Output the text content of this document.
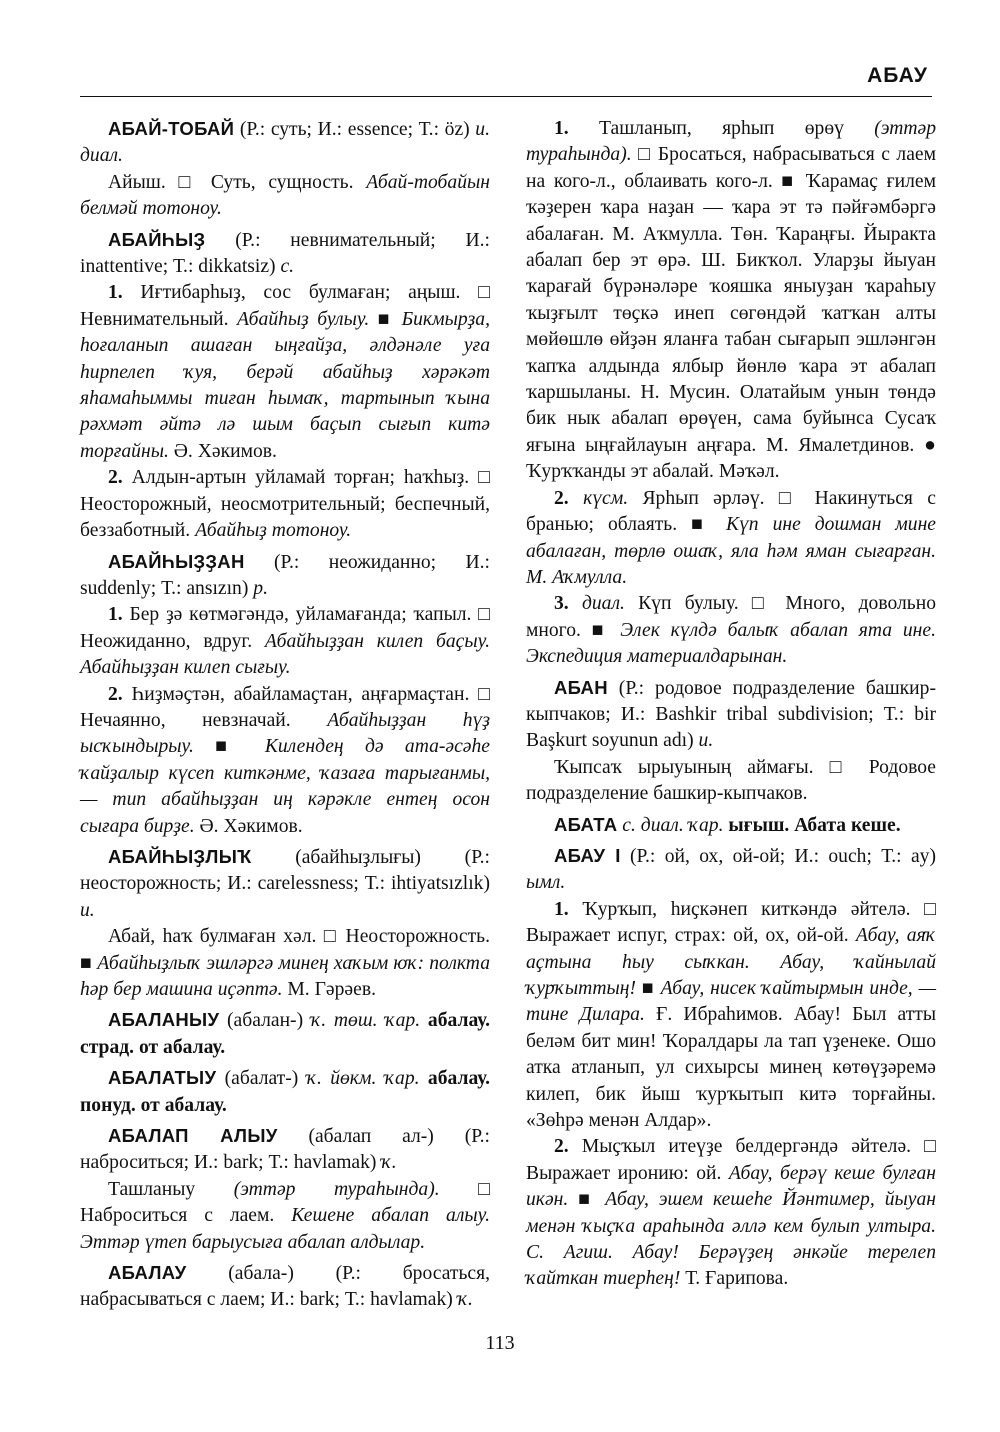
АБАУ

АБАЙ-ТОБАЙ (Р.: суть; И.: essence; Т.: öz) и. диал.

Айыш. □ Суть, сущность. Абай-тобайын белмәй тотоноу.

АБАЙҺЫҘ (Р.: невнимательный; И.: inattentive; Т.: dikkatsiz) с.

1. Иғтибарһыҙ, сос булмаған; аңыш. □ Невнимательный. Абайһыҙ булыу. ■ Бикмырҙа, һоғаланып ашаған ыңғайҙа, әлдәнәле уға һирпелеп ҡуя, берәй абайһыҙ хәрәкәт яһамаһыммы тиған һымаҡ, тартынып ҡына рәхмәт әйтә лә шым баҫып сығып китә торғайны. Ә. Хәкимов.

2. Алдын-артын уйламай торған; һаҡһыҙ. □ Неосторожный, неосмотрительный; беспечный, беззаботный. Абайһыҙ тотоноу.

АБАЙҺЫҘҘАН (Р.: неожиданно; И.: suddenly; Т.: ansızın) р.

1. Бер ҙә көтмәгәндә, уйламағанда; ҡапыл. □ Неожиданно, вдруг. Абайһыҙҙан килеп баҫыу. Абайһыҙҙан килеп сығыу.

2. Һиҙмәҫтән, абайламаҫтан, аңғармаҫтан. □ Нечаянно, невзначай. Абайһыҙҙан һүҙ ысҡындырыу. ■ Килендең дә ата-әсәһе ҡайҙалыр күсеп киткәнме, ҡазаға тарығанмы, — тип абайһыҙҙан иң кәрәкле ентең осон сығара бирҙе. Ә. Хәкимов.

АБАЙҺЫҘЛЫҠ (абайһыҙлығы) (Р.: неосторожность; И.: carelessness; Т.: ihtiyatsızlık) и.

Абай, һаҡ булмаған хәл. □ Неосторожность. ■ Абайһыҙлыҡ эшләргә минең хаҡым юҡ: полкта һәр бер машина иҫәптә. М. Гәрәев.

АБАЛАНЫУ (абалан-) ҡ. төш. ҡар. абалау. страд. от абалау.

АБАЛАТЫУ (абалат-) ҡ. йөкм. ҡар. абалау. понуд. от абалау.

АБАЛАП АЛЫУ (абалап ал-) (Р.: наброситься; И.: bark; Т.: havlamak) ҡ.

Ташланыу (эттәр тураһында). □ Наброситься с лаем. Кешене абалап алыу. Эттәр үтеп барыусыға абалап алдылар.

АБАЛАУ (абала-) (Р.: бросаться, набрасываться с лаем; И.: bark; Т.: havlamak) ҡ.

1. Ташланып, ярһып өрөү (эттәр тураһында). □ Бросаться, набрасываться с лаем на кого-л., облаивать кого-л. ■ Ҡарамаҫ ғилем ҡәҙерен ҡара наҙан — ҡара эт тә пәйғәмбәргә абалаған. М. Аҡмулла. Төн. Ҡараңғы. Йыракта абалап бер эт өрә. Ш. Бикҡол. Уларҙы йыуан ҡарағай бүрәнәләре ҡояшка яныуҙан ҡараһыу ҡыҙғылт төҫкә инеп сөгөндәй ҡатҡан алты мөйөшлө өйҙән яланға табан сығарып эшләнгән ҡапҡа алдында ялбыр йөнлө ҡара эт абалап ҡаршыланы. Н. Мусин. Олатайым унын төндә бик нык абалап өрөүен, сама буйынса Сусаҡ яғына ыңғайлауын аңғара. М. Ямалетдинов. ● Ҡурҡҡанды эт абалай. Мәҡәл.

2. күсм. Ярһып әрләү. □ Накинуться с бранью; облаять. ■ Күп ине дошман мине абалаған, төрлө ошаҡ, яла һәм яман сығарған. М. Аҡмулла.

3. диал. Күп булыу. □ Много, довольно много. ■ Элек күлдә балыҡ абалап ята ине. Экспедиция материалдарынан.

АБАН (Р.: родовое подразделение башкир-кыпчаков; И.: Bashkir tribal subdivision; Т.: bir Başkurt soyunun adı) и.

Ҡыпсаҡ ырыуының аймағы. □ Родовое подразделение башкир-кыпчаков.

АБАТА с. диал. ҡар. ығыш. Абата кеше.

АБАУ I (Р.: ой, ох, ой-ой; И.: ouch; Т.: ay) ымл.

1. Ҡурҡып, һиҫкәнеп киткәндә әйтелә. □ Выражает испуг, страх: ой, ох, ой-ой. Абау, аяҡ аҫтына һыу сыҡкан. Абау, ҡайнылай ҡурҡыттың! ■ Абау, нисек ҡайтырмын инде, — тине Дилара. Ғ. Ибраһимов. Абау! Был атты беләм бит мин! Ҡоралдары ла тап үҙенеке. Ошо атка атланып, ул сихырсы минең көтөүҙәремә килеп, бик йыш ҡурҡытып китә торғайны. «Зөһрә менән Алдар».

2. Мыҫҡыл итеүҙе белдергәндә әйтелә. □ Выражает иронию: ой. Абау, берәү кеше булған икән. ■ Абау, эшем кешеһе Йәнтимер, йыуан менән ҡыҫҡа араһында әллә кем булып ултыра. С. Агиш. Абау! Берәүҙең әнкәйе терелеп ҡайткан тиерһең! Т. Ғарипова.

113
